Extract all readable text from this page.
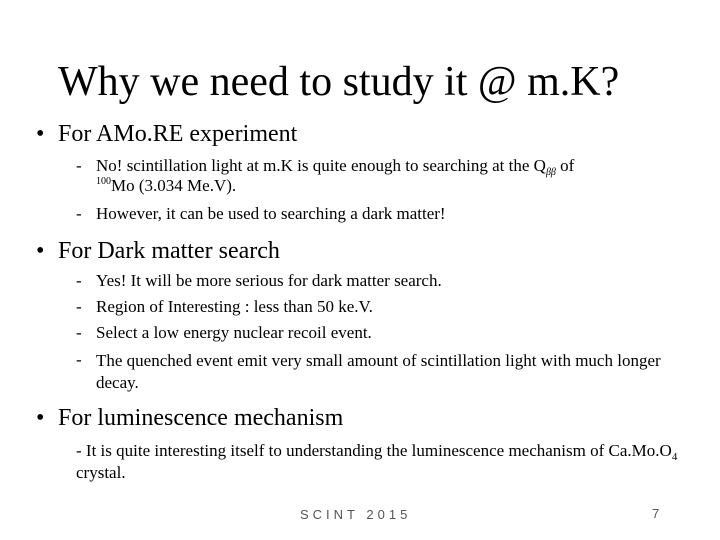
Why we need to study it @ m.K?
• For AMo.RE experiment
- No! scintillation light at m.K is quite enough to searching at the $Q_{\beta\beta}$ of
$^{100}$Mo (3.034 Me.V).
- However, it can be used to searching a dark matter!
• For Dark matter search
- Yes! It will be more serious for dark matter search.
- Region of Interesting : less than 50 ke.V.
- Select a low energy nuclear recoil event.
- The quenched event emit very small amount of scintillation light with much longer decay.
• For luminescence mechanism
- It is quite interesting itself to understanding the luminescence mechanism of $Ca.Mo.O_4$ crystal.
SCINT 2015	7
